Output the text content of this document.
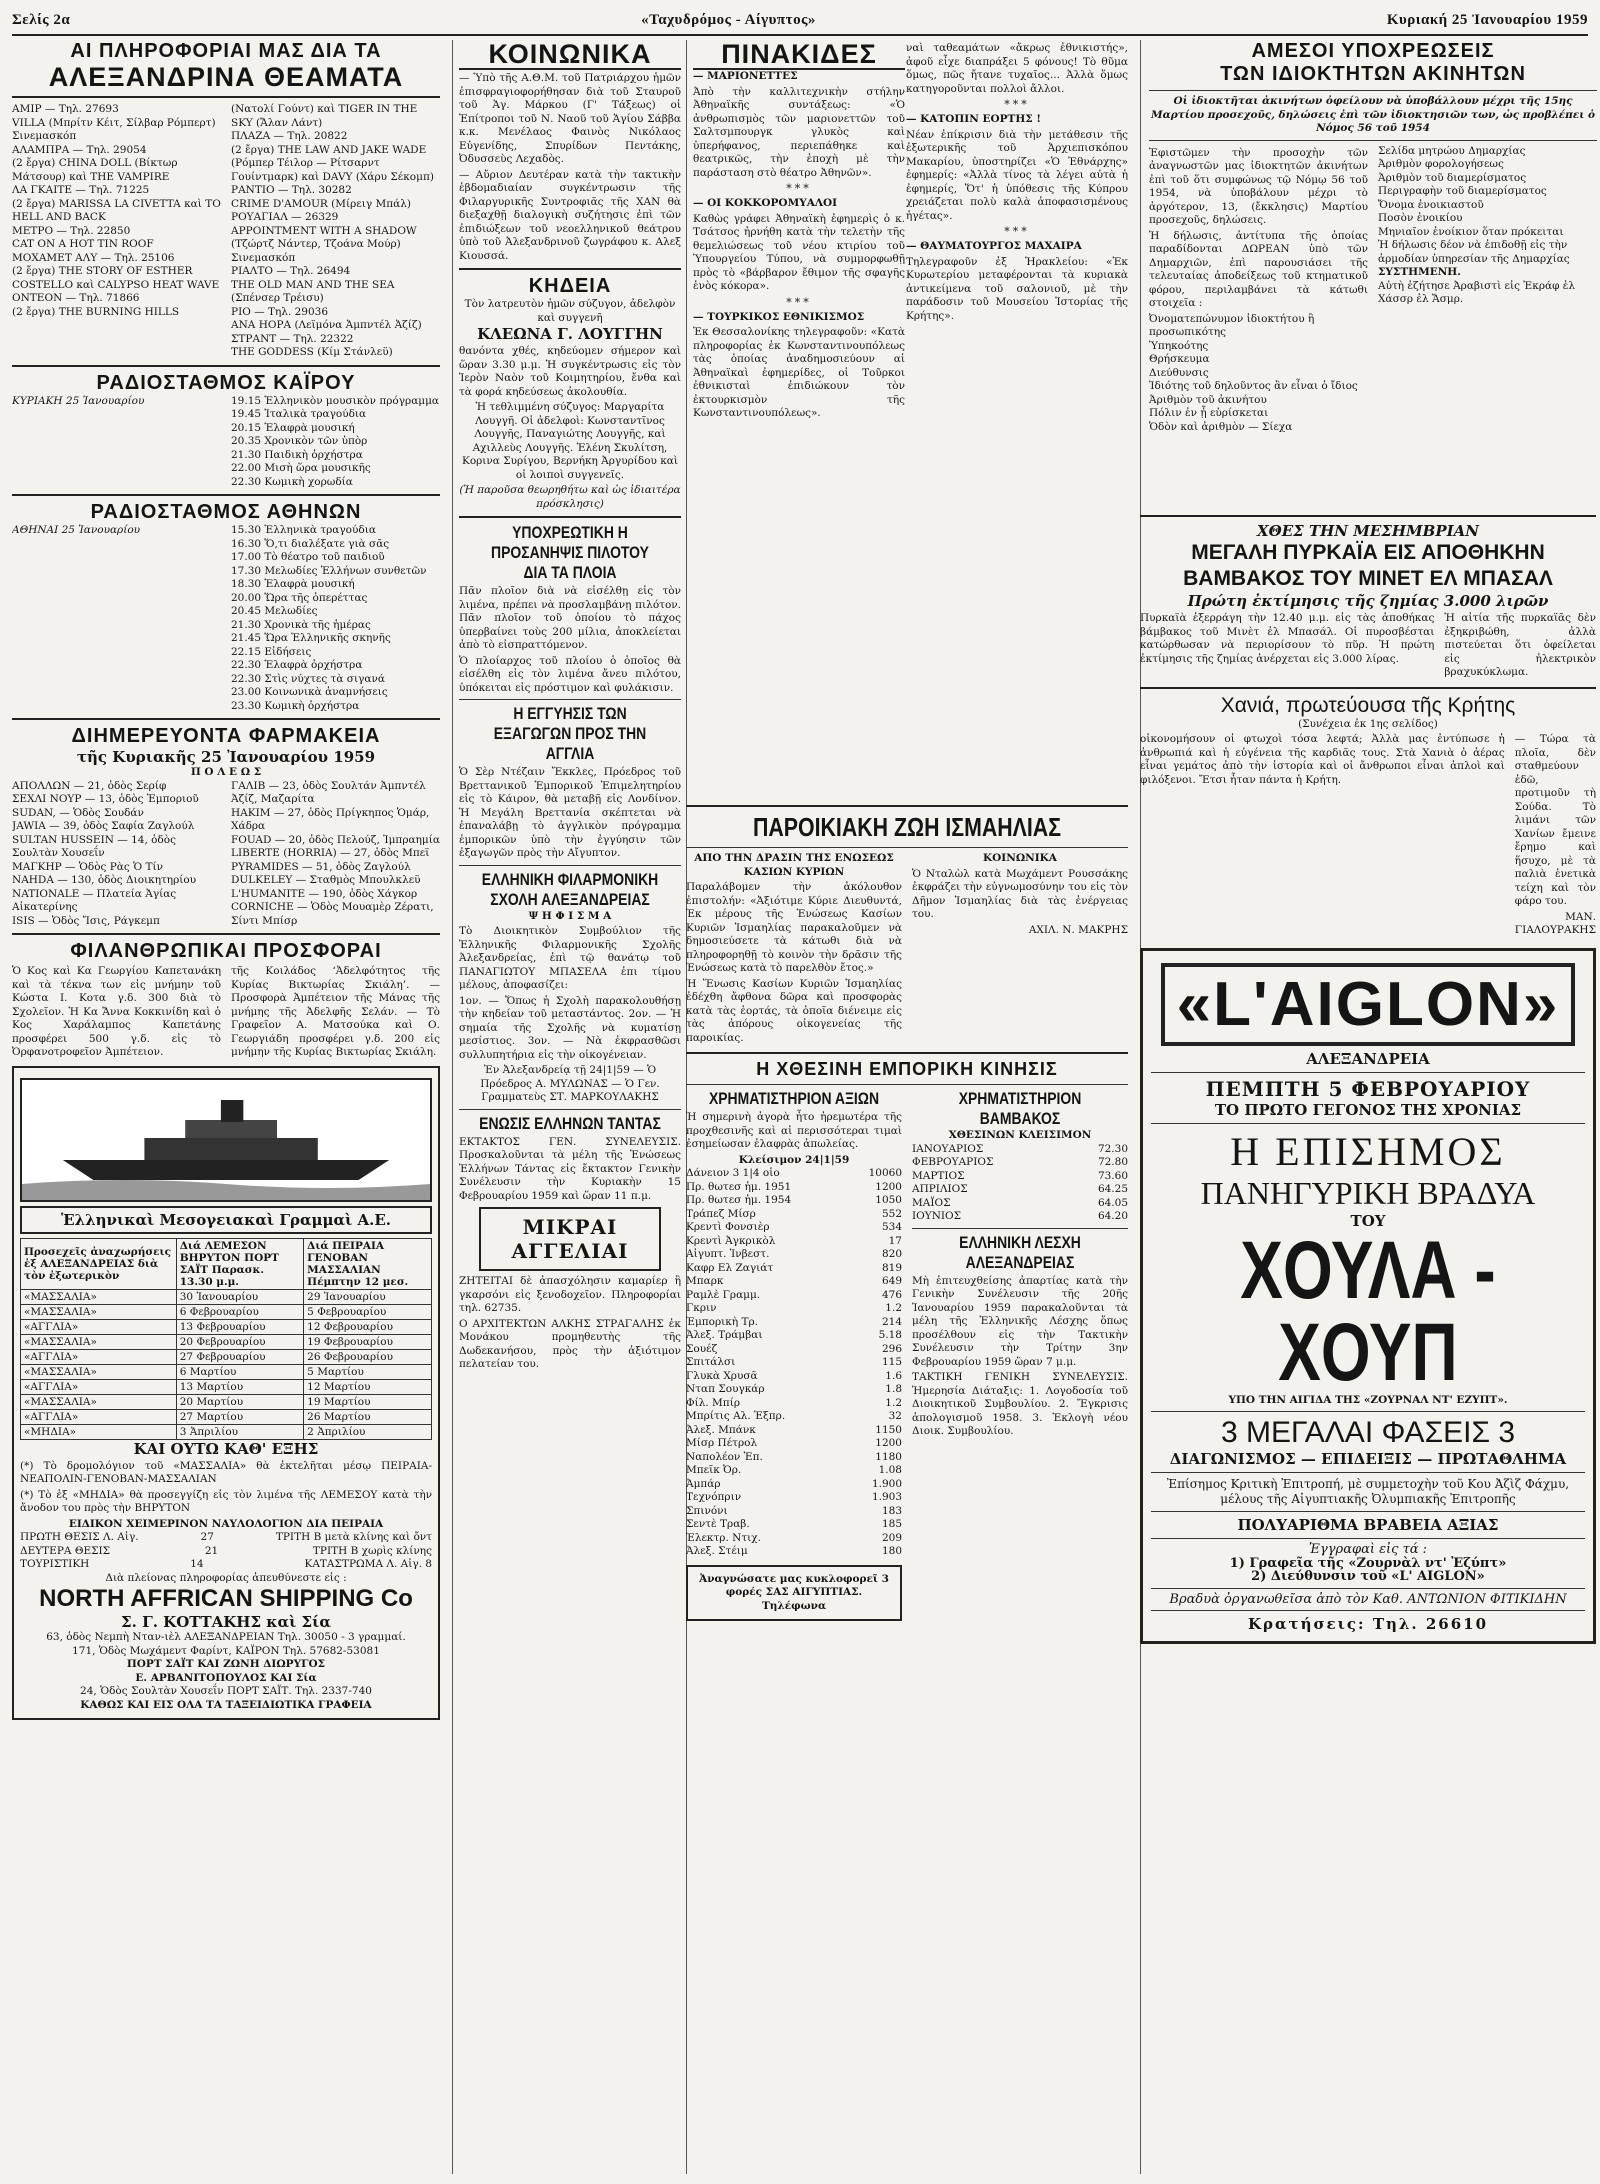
Σελίς 2α	«Ταχυδρόμος - Αίγυπτος»	Κυριακή 25 Ἰανουαρίου 1959
ΑΙ ΠΛΗΡΟΦΟΡΙΑΙ ΜΑΣ ΔΙΑ ΤΑ
ΑΛΕΞΑΝΔΡΙΝΑ ΘΕΑΜΑΤΑ
ΑΜΙΡ — Τηλ. 27693
VILLA (Μπρίτν Κέιτ, Σίλβαρ Ρόμπερτ) Σινεμασκόπ
ΑΛΑΜΠΡΑ — Τηλ. 29054
(2 ἔργα) CHINA DOLL (Βίκτωρ Μάτσουρ) καὶ THE VAMPIRE
ΛΑ ΓΚΑΙΤΕ — Τηλ. 71225
(2 ἔργα) MARISSA LA CIVETTA καὶ TO HELL AND BACK
ΜΕΤΡΟ — Τηλ. 22850
CAT ON A HOT TIN ROOF
ΜΟΧΑΜΕΤ ΑΛΥ — Τηλ. 25106
(2 ἔργα) THE STORY OF ESTHER COSTELLO καὶ CALYPSO HEAT WAVE
ΟΝΤΕΟΝ — Τηλ. 71866
(2 ἔργα) THE BURNING HILLS
(Νατολί Γούντ) καὶ TIGER IN THE SKY (Ἄλαν Λάντ)
ΠΛΑΖΑ — Τηλ. 20822
(2 ἔργα) THE LAW AND JAKE WADE (Ρόμπερ Τέιλορ — Ρίτσαρντ Γουίντμαρκ) καὶ DAVY (Χάρυ Σέκομπ)
ΡΑΝΤΙΟ — Τηλ. 30282
CRIME D'AMOUR (Μίρειγ Μπάλ)
ΡΟΥΑΓΙΑΛ — 26329
APPOINTMENT WITH A SHADOW (Τζώρτζ Νάντερ, Τζοάνα Μούρ) Σινεμασκόπ
ΡΙΑΛΤΟ — Τηλ. 26494
THE OLD MAN AND THE SEA (Σπένσερ Τρέισυ)
ΡΙΟ — Τηλ. 29036
ΑΝΑ ΗΟΡΑ (Λεϊμόνα Ἀμπντέλ Ἀζίζ)
ΣΤΡΑΝΤ — Τηλ. 22322
THE GODDESS (Κίμ Στάνλεϋ)
ΡΑΔΙΟΣΤΑΘΜΟΣ ΚΑΪΡΟΥ
ΚΥΡΙΑΚΗ 25 Ἰανουαρίου	19.15 Ἑλληνικὸν μουσικὸν πρόγραμμα
19.45 Ἰταλικὰ τραγούδια
20.15 Ἐλαφρὰ μουσική
20.35 Χρονικὸν τῶν ὑπὸρ
21.30 Παιδικὴ ὀρχήστρα
22.00 Μισὴ ὥρα μουσικῆς
22.30 Κωμικὴ χορωδία
ΡΑΔΙΟΣΤΑΘΜΟΣ ΑΘΗΝΩΝ
ΑΘΗΝΑΙ 25 Ἰανουαρίου	15.30 Ἑλληνικὰ τραγούδια
16.30 Ὅ,τι διαλέξατε γιὰ σᾶς
17.00 Τὸ θέατρο τοῦ παιδιοῦ
17.30 Μελωδίες Ἑλλήνων συνθετῶν
18.30 Ἐλαφρὰ μουσική
20.00 Ὥρα τῆς ὀπερέττας
20.45 Μελωδίες
21.30 Χρονικὰ τῆς ἡμέρας
21.45 Ὥρα Ἑλληνικῆς σκηνῆς
22.15 Εἰδήσεις
22.30 Ἐλαφρὰ ὀρχήστρα
22.30 Στὶς νύχτες τὰ σιγανά
23.00 Κοινωνικὰ ἀναμνήσεις
23.30 Κωμικὴ ὀρχήστρα
ΔΙΗΜΕΡΕΥΟΝΤΑ ΦΑΡΜΑΚΕΙΑ
τῆς Κυριακῆς 25 Ἰανουαρίου 1959
Π Ο Λ Ε Ω Σ
ΑΠΟΛΛΩΝ — 21, ὁδὸς Σερίφ
ΣΕΧΛΙ ΝΟΥΡ — 13, ὁδὸς Ἐμποριοῦ
SUDAN, — Ὁδὸς Σουδάν
JAWIA — 39, ὁδὸς Σαφία Ζαγλούλ
SULTAN HUSSEIN — 14, ὁδὸς Σουλτὰν Χουσεΐν
ΜΑΓΚΗΡ — Ὁδὸς Ρὰς Ὁ Τίν
NAHDA — 130, ὁδὸς Διοικητηρίου
NATIONALE — Πλατεία Ἀγίας Αἰκατερίνης
ISIS — Ὁδὸς Ἴσις, Ράγκεμπ
ΓΑΛΙΒ — 23, ὁδὸς Σουλτάν Ἀμπντέλ Ἀζίζ, Μαζαρίτα
HAKIM — 27, ὁδὸς Πρίγκηπος Ὁμάρ, Χάδρα
FOUAD — 20, ὁδὸς Πελούζ, Ἰμπραημία
LIBERTE (HORRIA) — 27, ὁδὸς Μπεϊ
PYRAMIDES — 51, ὁδὸς Ζαγλούλ
DULKELEY — Σταθμὸς Μπουλκλεϋ
L'HUMANITE — 190, ὁδὸς Χάγκορ
CORNICHE — Ὁδὸς Μουαμὲρ Ζέρατι, Σίντι Μπίσρ
ΦΙΛΑΝΘΡΩΠΙΚΑΙ ΠΡΟΣΦΟΡΑΙ
Ὁ Κος καὶ Κα Γεωργίου Καπετανάκη καὶ τὰ τέκνα των εἰς μνήμην τοῦ Κώστα Ι. Κοτα γ.δ. 300 διὰ τὸ Σχολεῖον. Ἡ Κα Ἄννα Κοκκινίδη καὶ ὁ Κος Χαράλαμπος Καπετάνης προσφέρει 500 γ.δ. εἰς τὸ Ὀρφανοτροφεῖον Ἀμπέτειον.
τῆς Κοιλάδος ‘Ἀδελφότητος τῆς Κυρίας Βικτωρίας Σκιάλη’. — Προσφορὰ Ἀμπέτειον τῆς Μάνας τῆς μνήμης τῆς Ἀδελφῆς Σελάν. — Τὸ Γραφεῖον Α. Ματσούκα καὶ Ο. Γεωργιάδη προσφέρει γ.δ. 200 εἰς μνήμην τῆς Κυρίας Βικτωρίας Σκιάλη.
Ἑλληνικαὶ Μεσογειακαὶ Γραμμαὶ Α.Ε.
Προσεχεῖς ἀναχωρήσεις ἐξ ΑΛΕΞΑΝΔΡΕΙΑΣ διὰ τὸν ἐξωτερικὸν	Διά ΛΕΜΕΣΟΝ ΒΗΡΥΤΟΝ ΠΟΡΤ ΣΑΪΤ Παρασκ. 13.30 μ.μ.	Διά ΠΕΙΡΑΙΑ ΓΕΝΟΒΑΝ ΜΑΣΣΑΛΙΑΝ Πέμπτην 12 μεσ.
«ΜΑΣΣΑΛΙΑ»	30 Ἰανουαρίου	29 Ἰανουαρίου
«ΜΑΣΣΑΛΙΑ»	6 Φεβρουαρίου	5 Φεβρουαρίου
«ΑΓΓΛΙΑ»	13 Φεβρουαρίου	12 Φεβρουαρίου
«ΜΑΣΣΑΛΙΑ»	20 Φεβρουαρίου	19 Φεβρουαρίου
«ΑΓΓΛΙΑ»	27 Φεβρουαρίου	26 Φεβρουαρίου
«ΜΑΣΣΑΛΙΑ»	6 Μαρτίου	5 Μαρτίου
«ΑΓΓΛΙΑ»	13 Μαρτίου	12 Μαρτίου
«ΜΑΣΣΑΛΙΑ»	20 Μαρτίου	19 Μαρτίου
«ΑΓΓΛΙΑ»	27 Μαρτίου	26 Μαρτίου
«ΜΗΔΙΑ»	3 Ἀπριλίου	2 Ἀπριλίου
ΚΑΙ ΟΥΤΩ ΚΑΘ' ΕΞΗΣ
(*) Τὸ δρομολόγιον τοῦ «ΜΑΣΣΑΛΙΑ» θὰ ἐκτελῆται μέσῳ ΠΕΙΡΑΙΑ-ΝΕΑΠΟΛΙΝ-ΓΕΝΟΒΑΝ-ΜΑΣΣΑΛΙΑΝ
(*) Τὸ ἐξ «ΜΗΔΙΑ» θὰ προσεγγίζη εἰς τὸν λιμένα τῆς ΛΕΜΕΣΟΥ κατὰ τὴν ἄνοδον του πρὸς τὴν ΒΗΡΥΤΟΝ
ΕΙΔΙΚΟΝ ΧΕΙΜΕΡΙΝΟΝ ΝΑΥΛΟΛΟΓΙΟΝ ΔΙΑ ΠΕΙΡΑΙΑ
ΠΡΩΤΗ ΘΕΣΙΣ Λ. Αἰγ.	27	ΤΡΙΤΗ Β μετὰ κλίνης καὶ ὄντ
ΔΕΥΤΕΡΑ ΘΕΣΙΣ	21	ΤΡΙΤΗ Β χωρὶς κλίνης
ΤΟΥΡΙΣΤΙΚΗ	14	ΚΑΤΑΣΤΡΩΜΑ Λ. Αἰγ. 8
Διὰ πλείονας πληροφορίας ἀπευθύνεστε εἰς :
NORTH AFFRICAN SHIPPING Co
Σ. Γ. ΚΟΤΤΑΚΗΣ καὶ Σία
63, ὁδὸς Νεμπὴ Νταν-ιὲλ ΑΛΕΞΑΝΔΡΕΙΑΝ Τηλ. 30050 - 3 γραμμαί.
171, Ὁδὸς Μωχάμεντ Φαρίντ, ΚΑΪΡΟΝ Τηλ. 57682-53081
ΠΟΡΤ ΣΑΪΤ ΚΑΙ ΖΩΝΗ ΔΙΩΡΥΓΟΣ
Ε. ΑΡΒΑΝΙΤΟΠΟΥΛΟΣ ΚΑΙ Σία
24, Ὁδὸς Σουλτὰν Χουσεΐν ΠΟΡΤ ΣΑΪΤ. Τηλ. 2337-740
ΚΑΘΩΣ ΚΑΙ ΕΙΣ ΟΛΑ ΤΑ ΤΑΞΕΙΔΙΩΤΙΚΑ ΓΡΑΦΕΙΑ
ΚΟΙΝΩΝΙΚΑ

— Ὑπὸ τῆς Α.Θ.Μ. τοῦ Πατριάρχου ἡμῶν ἐπισφραγιοφορήθησαν διὰ τοῦ Σταυροῦ τοῦ Ἁγ. Μάρκου (Γ' Τάξεως) οἱ Ἐπίτροποι τοῦ Ν. Ναοῦ τοῦ Ἁγίου Σάββα κ.κ. Μενέλαος Φαινὸς Νικόλαος Εὐγενίδης, Σπυρίδων Πεντάκης, Ὀδυσσεὺς Λεχαδὸς.

— Αὔριον Δευτέραν κατὰ τὴν τακτικὴν ἑβδομαδιαίαν συγκέντρωσιν τῆς Φιλαργυρικῆς Συντροφιᾶς τῆς ΧΑΝ θὰ διεξαχθῇ διαλογικὴ συζήτησις ἐπὶ τῶν ἐπιδιώξεων τοῦ νεοελληνικοῦ θεάτρου ὑπὸ τοῦ Ἀλεξανδρινοῦ ζωγράφου κ. Αλεξ Κιουσσά.

ΚΗΔΕΙΑ
Τὸν λατρευτὸν ἡμῶν σύζυγον, ἀδελφὸν καὶ συγγενῆ
ΚΛΕΩΝΑ Γ. ΛΟΥΓΓΗΝ

θανόντα χθές, κηδεύομεν σήμερον καὶ ὥραν 3.30 μ.μ. Ἡ συγκέντρωσις εἰς τὸν Ἱερὸν Ναὸν τοῦ Κοιμητηρίου, ἔνθα καὶ τὰ φορά κηδεύσεως ἀκολουθία.

Ἡ τεθλιμμένη σύζυγος: Μαργαρίτα Λουγγῆ. Οἱ ἀδελφοὶ: Κωνσταντῖνος Λουγγῆς, Παναγιώτης Λουγγῆς, καὶ Αχιλλεὺς Λουγγῆς. Ἑλένη Σκυλίτση, Κορινα Συρίγου, Βερνήκη Ἀργυρίδου καὶ οἱ λοιποὶ συγγενεῖς.

(Ἡ παροῦσα θεωρηθήτω καὶ ὡς ἰδιαιτέρα πρόσκλησις)
ΥΠΟΧΡΕΩΤΙΚΗ Η ΠΡΟΣΑΝΗΨΙΣ ΠΙΛΟΤΟΥ ΔΙΑ ΤΑ ΠΛΟΙΑ

Πᾶν πλοῖον διὰ νὰ εἰσέλθῃ εἰς τὸν λιμένα, πρέπει νὰ προσλαμβάνῃ πιλότον. Πᾶν πλοῖον τοῦ ὁποίου τὸ πάχος ὑπερβαίνει τοὺς 200 μίλια, ἀποκλείεται ἀπὸ τὸ εἰσπραττόμενον.

Ὁ πλοίαρχος τοῦ πλοίου ὁ ὁποῖος θὰ εἰσέλθη εἰς τὸν λιμένα ἄνευ πιλότου, ὑπόκειται εἰς πρόστιμον καὶ φυλάκισιν.

Η ΕΓΓΥΗΣΙΣ ΤΩΝ ΕΞΑΓΩΓΩΝ ΠΡΟΣ ΤΗΝ ΑΓΓΛΙΑ

Ὁ Σὲρ Ντέζαιν Ἔκκλες, Πρόεδρος τοῦ Βρεττανικοῦ Ἐμπορικοῦ Ἐπιμελητηρίου εἰς τὸ Κάιρον, θὰ μεταβῇ εἰς Λονδίνον. Ἡ Μεγάλη Βρεττανία σκέπτεται νὰ ἐπαναλάβῃ τὸ ἀγγλικὸν πρόγραμμα ἐμπορικῶν ὑπὸ τὴν ἐγγύησιν τῶν ἐξαγωγῶν πρὸς τὴν Αἴγυπτον.

ΕΛΛΗΝΙΚΗ ΦΙΛΑΡΜΟΝΙΚΗ ΣΧΟΛΗ ΑΛΕΞΑΝΔΡΕΙΑΣ
Ψ Η Φ Ι Σ Μ Α

Τὸ Διοικητικὸν Συμβούλιον τῆς Ἑλληνικῆς Φιλαρμονικῆς Σχολῆς Ἀλεξανδρείας, ἐπὶ τῷ θανάτῳ τοῦ ΠΑΝΑΓΙΩΤΟΥ ΜΠΑΣΕΛΑ ἐπι τίμου μέλους, ἀποφασίζει:

1ον. — Ὅπως ἡ Σχολὴ παρακολουθήσῃ τὴν κηδείαν τοῦ μεταστάντος. 2ον. — Ἡ σημαία τῆς Σχολῆς νὰ κυματίσῃ μεσίστιος. 3ον. — Νὰ ἐκφρασθῶσι συλλυπητήρια εἰς τὴν οἰκογένειαν.

Ἐν Ἀλεξανδρείᾳ τῇ 24|1|59 — Ὁ Πρόεδρος Α. ΜΥΛΩΝΑΣ — Ὁ Γεν. Γραμματεὺς ΣΤ. ΜΑΡΚΟΥΛΑΚΗΣ

ΕΝΩΣΙΣ ΕΛΛΗΝΩΝ ΤΑΝΤΑΣ

ΕΚΤΑΚΤΟΣ ΓΕΝ. ΣΥΝΕΛΕΥΣΙΣ. Προσκαλοῦνται τὰ μέλη τῆς Ἑνώσεως Ἑλλήνων Τάντας εἰς ἔκτακτον Γενικὴν Συνέλευσιν τὴν Κυριακὴν 15 Φεβρουαρίου 1959 καὶ ὥραν 11 π.μ.

ΜΙΚΡΑΙ ΑΓΓΕΛΙΑΙ

ΖΗΤΕΙΤΑΙ δὲ ἀπασχόλησιν καμαρίερ ἢ γκαρσόνι εἰς ξενοδοχεῖον. Πληροφορίαι τηλ. 62735.

Ο ΑΡΧΙΤΕΚΤΩΝ ΑΛΚΗΣ ΣΤΡΑΓΑΛΗΣ ἐκ Μονάκου προμηθευτὴς τῆς Δωδεκανήσου, πρὸς τὴν ἀξιότιμον πελατείαν του.

ΠΙΝΑΚΙΔΕΣ
— ΜΑΡΙΟΝΕΤΤΕΣ

Ἀπὸ τὴν καλλιτεχνικὴν στήλην Ἀθηναϊκῆς συντάξεως: «Ὁ ἀνθρωπισμὸς τῶν μαριονεττῶν τοῦ Σαλτσμπουργκ γλυκὸς καὶ ὑπερήφανος, περιεπάθηκε καὶ θεατρικῶς, τὴν ἐποχὴ μὲ τὴν παράσταση στὸ θέατρο Ἀθηνῶν».

***
— ΟΙ ΚΟΚΚΟΡΟΜΥΑΛΟΙ

Καθὼς γράφει Ἀθηναϊκὴ ἐφημερὶς ὁ κ. Τσάτσος ἠρνήθη κατὰ τὴν τελετὴν τῆς θεμελιώσεως τοῦ νέου κτιρίου τοῦ Ὑπουργείου Τύπου, νὰ συμμορφωθῇ πρὸς τὸ «βάρβαρον ἔθιμον τῆς σφαγῆς ἑνὸς κόκορα».

***
— ΤΟΥΡΚΙΚΟΣ ΕΘΝΙΚΙΣΜΟΣ

Ἐκ Θεσσαλονίκης τηλεγραφοῦν: «Κατὰ πληροφορίας ἐκ Κωνσταντινουπόλεως τὰς ὁποίας ἀναδημοσιεύουν αἱ Ἀθηναϊκαὶ ἐφημερίδες, οἱ Τοῦρκοι ἐθνικισταὶ ἐπιδιώκουν τὸν ἐκτουρκισμὸν τῆς Κωνσταντινουπόλεως».

ναὶ ταθεαμάτων «ἄκρως ἐθνικιστής», ἀφοῦ εἶχε διαπράξει 5 φόνους! Τὸ θῦμα ὅμως, πῶς ἤτανε τυχαῖος... Ἀλλὰ ὅμως κατηγοροῦνται πολλοὶ ἄλλοι.

***
— ΚΑΤΟΠΙΝ ΕΟΡΤΗΣ !

Νέαν ἐπίκρισιν διὰ τὴν μετάθεσιν τῆς ἐξωτερικῆς τοῦ Ἀρχιεπισκόπου Μακαρίου, ὑποστηρίζει «Ὁ Ἐθνάρχης» ἐφημερίς: «Ἀλλὰ τίνος τὰ λέγει αὐτὰ ἡ ἐφημερίς, Ὅτ' ἡ ὑπόθεσις τῆς Κύπρου χρειάζεται πολὺ καλὰ ἀποφασισμένους ἡγέτας».

***
— ΘΑΥΜΑΤΟΥΡΓΟΣ ΜΑΧΑΙΡΑ

Τηλεγραφοῦν ἐξ Ἡρακλείου: «Ἐκ Κυρωτερίου μεταφέρονται τὰ κυριακὰ ἀντικείμενα τοῦ σαλονιοῦ, μὲ τὴν παράδοσιν τοῦ Μουσείου Ἱστορίας τῆς Κρήτης».

ΠΑΡΟΙΚΙΑΚΗ ΖΩΗ ΙΣΜΑΗΛΙΑΣ
ΑΠΟ ΤΗΝ ΔΡΑΣΙΝ ΤΗΣ ΕΝΩΣΕΩΣ ΚΑΣΙΩΝ ΚΥΡΙΩΝ

Παραλάβομεν τὴν ἀκόλουθον ἐπιστολήν: «Ἀξιότιμε Κύριε Διευθυντά, Ἐκ μέρους τῆς Ἑνώσεως Κασίων Κυριῶν Ἰσμαηλίας παρακαλοῦμεν νὰ δημοσιεύσετε τὰ κάτωθι διὰ νὰ πληροφορηθῇ τὸ κοινὸν τὴν δρᾶσιν τῆς Ἑνώσεως κατὰ τὸ παρελθὸν ἔτος.»

Ἡ Ἕνωσις Κασίων Κυριῶν Ἰσμαηλίας ἐδέχθη ἄφθονα δῶρα καὶ προσφορὰς κατὰ τὰς ἑορτάς, τὰ ὁποῖα διένειμε εἰς τὰς ἀπόρους οἰκογενείας τῆς παροικίας.

ΚΟΙΝΩΝΙΚΑ

Ὁ Νταλὼλ κατὰ Μωχάμεντ Ρουσσάκης ἐκφράζει τὴν εὐγνωμοσύνην του εἰς τὸν Δῆμον Ἰσμαηλίας διὰ τὰς ἐνέργειας του.

ΑΧΙΛ. Ν. ΜΑΚΡΗΣ
Η ΧΘΕΣΙΝΗ ΕΜΠΟΡΙΚΗ ΚΙΝΗΣΙΣ
ΧΡΗΜΑΤΙΣΤΗΡΙΟΝ ΑΞΙΩΝ

Ἡ σημερινὴ ἀγορὰ ἦτο ἠρεμωτέρα τῆς προχθεσινῆς καὶ αἱ περισσότεραι τιμαὶ ἐσημείωσαν ἐλαφρὰς ἀπωλείας.

Κλείσιμον 24|1|59
Δάνειον 3 1|4 οἱο	10060
Πρ. θωτεσ ἡμ. 1951	1200
Πρ. θωτεσ ἡμ. 1954	1050
Τράπεζ Μίσρ	552
Κρεντὶ Φονσιὲρ	534
Κρεντὶ Ἀγκρικὸλ	17
Αἰγυπτ. Ἰνβεστ.	820
Καφρ Ελ Ζαγιάτ	819
Μπαρκ	649
Ραμλὲ Γραμμ.	476
Γκριν	1.2
Ἐμπορικὴ Τρ.	214
Ἀλεξ. Τράμβαι	5.18
Σουέζ	296
Σπιτάλσι	115
Γλυκὰ Χρυσᾶ	1.6
Νταπ Σουγκάρ	1.8
Φίλ. Μπίρ	1.2
Μπρίτις Αλ. Ἐξπρ.	32
Ἀλεξ. Μπάνκ	1150
Μίσρ Πέτρολ	1200
Ναπολέον Ἐπ.	1180
Μπεῖκ Ὀρ.	1.08
Ἀμπάρ	1.900
Τεχνόπριν	1.903
Σπινόνι	183
Σεντὲ Τραβ.	185
Ἑλεκτρ. Ντιχ.	209
Ἀλεξ. Στέιμ	180
ΧΡΗΜΑΤΙΣΤΗΡΙΟΝ ΒΑΜΒΑΚΟΣ
ΧΘΕΣΙΝΩΝ ΚΛΕΙΣΙΜΟΝ
ΙΑΝΟΥΑΡΙΟΣ	72.30
ΦΕΒΡΟΥΑΡΙΟΣ	72.80
ΜΑΡΤΙΟΣ	73.60
ΑΠΡΙΛΙΟΣ	64.25
ΜΑΪΟΣ	64.05
ΙΟΥΝΙΟΣ	64.20
ΕΛΛΗΝΙΚΗ ΛΕΣΧΗ ΑΛΕΞΑΝΔΡΕΙΑΣ

Μὴ ἐπιτευχθείσης ἀπαρτίας κατὰ τὴν Γενικὴν Συνέλευσιν τῆς 20ῆς Ἰανουαρίου 1959 παρακαλοῦνται τὰ μέλη τῆς Ἑλληνικῆς Λέσχης ὅπως προσέλθουν εἰς τὴν Τακτικὴν Συνέλευσιν τὴν Τρίτην 3ην Φεβρουαρίου 1959 ὥραν 7 μ.μ.

ΤΑΚΤΙΚΗ ΓΕΝΙΚΗ ΣΥΝΕΛΕΥΣΙΣ. Ἡμερησία Διάταξις: 1. Λογοδοσία τοῦ Διοικητικοῦ Συμβουλίου. 2. Ἔγκρισις ἀπολογισμοῦ 1958. 3. Ἐκλογὴ νέου Διοικ. Συμβουλίου.

Ἀναγνώσατε μας κυκλοφορεῖ 3 φορές ΣΑΣ ΑΙΓΥΠΤΙΑΣ. Τηλέφωνα
ΑΜΕΣΟΙ ΥΠΟΧΡΕΩΣΕΙΣ
ΤΩΝ ΙΔΙΟΚΤΗΤΩΝ ΑΚΙΝΗΤΩΝ
Οἱ ἰδιοκτῆται ἀκινήτων ὀφείλουν νὰ ὑποβάλλουν μέχρι τῆς 15ης Μαρτίου προσεχοῦς, δηλώσεις ἐπὶ τῶν ἰδιοκτησιῶν των, ὡς προβλέπει ὁ Νόμος 56 τοῦ 1954

Ἐφιστῶμεν τὴν προσοχὴν τῶν ἀναγνωστῶν μας ἰδιοκτητῶν ἀκινήτων ἐπὶ τοῦ ὅτι συμφώνως τῷ Νόμῳ 56 τοῦ 1954, νὰ ὑποβάλουν μέχρι τὸ ἀργότερον, 13, (ἔκκλησις) Μαρτίου προσεχοῦς, δηλώσεις.

Ἡ δήλωσις, ἀντίτυπα τῆς ὁποίας παραδίδονται ΔΩΡΕΑΝ ὑπὸ τῶν Δημαρχιῶν, ἐπὶ παρουσιάσει τῆς τελευταίας ἀποδείξεως τοῦ κτηματικοῦ φόρου, περιλαμβάνει τὰ κάτωθι στοιχεῖα :

Ὀνοματεπώνυμον ἰδιοκτήτου ἢ προσωπικότης
Ὑπηκοότης
Θρήσκευμα
Διεύθυνσις
Ἰδιότης τοῦ δηλοῦντος ἂν εἶναι ὁ ἴδιος
Ἀριθμὸν τοῦ ἀκινήτου
Πόλιν ἐν ᾗ εὑρίσκεται
Ὁδὸν καὶ ἀριθμὸν — Σίεχα
Σελίδα μητρώου Δημαρχίας
Ἀριθμὸν φορολογήσεως
Ἀριθμὸν τοῦ διαμερίσματος
Περιγραφὴν τοῦ διαμερίσματος
Ὄνομα ἐνοικιαστοῦ
Ποσὸν ἐνοικίου
Μηνιαῖον ἐνοίκιον ὅταν πρόκειται
Ἡ δήλωσις δέον νὰ ἐπιδοθῇ εἰς τὴν ἀρμοδίαν ὑπηρεσίαν τῆς Δημαρχίας
ΣΥΣΤΗΜΕΝΗ.
Αὐτὴ ἐζήτησε Ἀραβιστὶ εἰς Ἐκράφ ἐλ Χάσσρ ἐλ Ἄσμρ.
ΧΘΕΣ ΤΗΝ ΜΕΣΗΜΒΡΙΑΝ
ΜΕΓΑΛΗ ΠΥΡΚΑΪΑ ΕΙΣ ΑΠΟΘΗΚΗΝ ΒΑΜΒΑΚΟΣ ΤΟΥ ΜΙΝΕΤ ΕΛ ΜΠΑΣΑΛ
Πρώτη ἐκτίμησις τῆς ζημίας 3.000 λιρῶν

Πυρκαϊὰ ἐξερράγη τὴν 12.40 μ.μ. εἰς τὰς ἀποθήκας βάμβακος τοῦ Μινὲτ ἐλ Μπασάλ. Οἱ πυροσβέσται κατώρθωσαν νὰ περιορίσουν τὸ πῦρ. Ἡ πρώτη ἐκτίμησις τῆς ζημίας ἀνέρχεται εἰς 3.000 λίρας.

Ἡ αἰτία τῆς πυρκαϊᾶς δὲν ἐξηκριβώθη, ἀλλὰ πιστεύεται ὅτι ὀφείλεται εἰς ἠλεκτρικὸν βραχυκύκλωμα.

Χανιά, πρωτεύουσα τῆς Κρήτης
(Συνέχεια ἐκ 1ης σελίδος)

οἰκονομήσουν οἱ φτωχοὶ τόσα λεφτά; Ἀλλὰ μας ἐντύπωσε ἡ ἀνθρωπιά καὶ ἡ εὐγένεια τῆς καρδιᾶς τους. Στὰ Χανιὰ ὁ ἀέρας εἶναι γεμάτος ἀπὸ τὴν ἱστορία καὶ οἱ ἄνθρωποι εἶναι ἁπλοὶ καὶ φιλόξενοι. Ἔτσι ἦταν πάντα ἡ Κρήτη.

— Τώρα τὰ πλοῖα, δὲν σταθμεύουν ἐδῶ, προτιμοῦν τὴ Σούδα. Τὸ λιμάνι τῶν Χανίων ἔμεινε ἔρημο καὶ ἥσυχο, μὲ τὰ παλιὰ ἑνετικὰ τείχη καὶ τὸν φάρο του.

ΜΑΝ. ΓΙΑΛΟΥΡΑΚΗΣ
«L'AIGLON»
ΑΛΕΞΑΝΔΡΕΙΑ
ΠΕΜΠΤΗ 5 ΦΕΒΡΟΥΑΡΙΟΥ
ΤΟ ΠΡΩΤΟ ΓΕΓΟΝΟΣ ΤΗΣ ΧΡΟΝΙΑΣ
Η ΕΠΙΣΗΜΟΣ
ΠΑΝΗΓΥΡΙΚΗ ΒΡΑΔΥΑ
ΤΟΥ
ΧΟΥΛΑ - ΧΟΥΠ
ΥΠΟ ΤΗΝ ΑΙΓΙΔΑ ΤΗΣ «ΖΟΥΡΝΑΛ ΝΤ' ΕΖΥΠΤ».
3 ΜΕΓΑΛΑΙ ΦΑΣΕΙΣ 3
ΔΙΑΓΩΝΙΣΜΟΣ — ΕΠΙΔΕΙΞΙΣ — ΠΡΩΤΑΘΛΗΜΑ

Ἐπίσημος Κριτικὴ Ἐπιτροπή, μὲ συμμετοχὴν τοῦ Κου Ἀζὶζ Φάχμυ, μέλους τῆς Αἰγυπτιακῆς Ὀλυμπιακῆς Ἐπιτροπῆς

ΠΟΛΥΑΡΙΘΜΑ ΒΡΑΒΕΙΑ ΑΞΙΑΣ
Ἐγγραφαὶ εἰς τά :
1) Γραφεῖα τῆς «Ζουρνὰλ ντ' Ἐζύπτ»
2) Διεύθυνσιν τοῦ «L' AIGLON»
Βραδυὰ ὀργανωθεῖσα ἀπὸ τὸν Καθ. ΑΝΤΩΝΙΟΝ ΦΙΤΙΚΙΔΗΝ
Κρατήσεις: Τηλ. 26610
